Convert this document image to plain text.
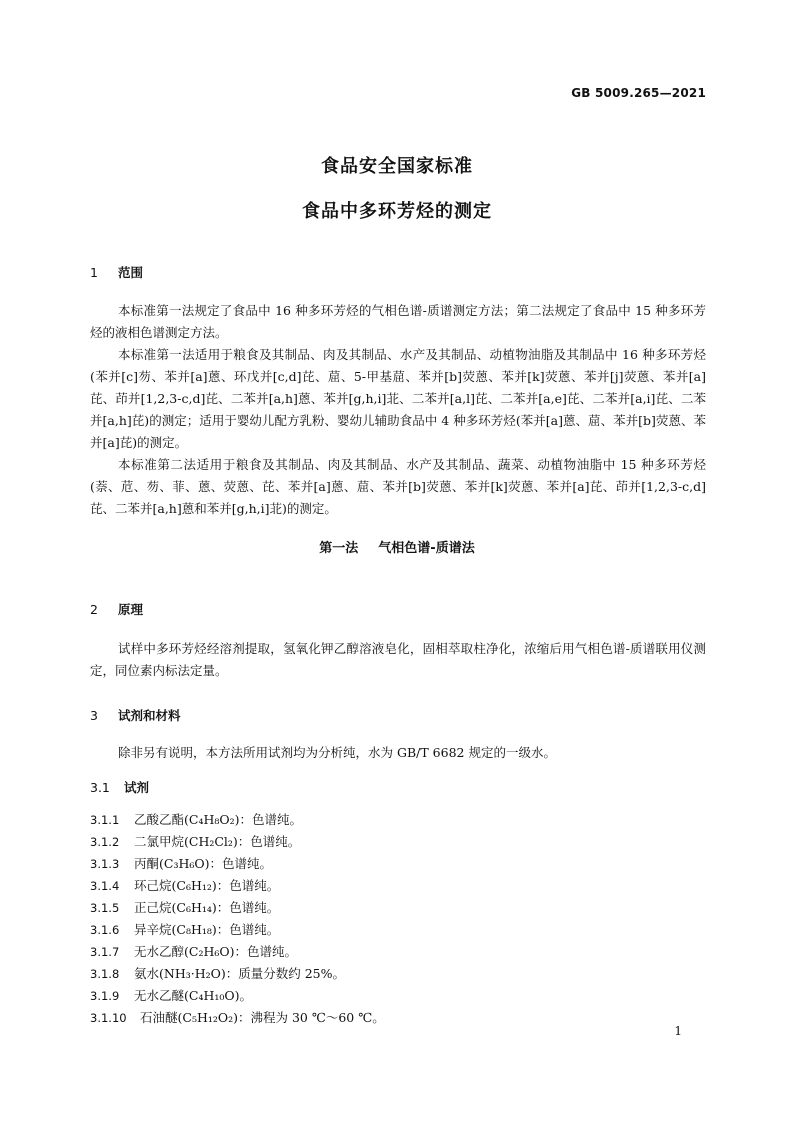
GB 5009.265—2021
食品安全国家标准
食品中多环芳烃的测定
1 范围

本标准第一法规定了食品中 16 种多环芳烃的气相色谱-质谱测定方法；第二法规定了食品中 15 种多环芳烃的液相色谱测定方法。

本标准第一法适用于粮食及其制品、肉及其制品、水产及其制品、动植物油脂及其制品中 16 种多环芳烃(苯并[c]芴、苯并[a]蒽、环戊并[c,d]芘、䓛、5-甲基䓛、苯并[b]荧蒽、苯并[k]荧蒽、苯并[j]荧蒽、苯并[a]芘、茚并[1,2,3-c,d]芘、二苯并[a,h]蒽、苯并[g,h,i]苝、二苯并[a,l]芘、二苯并[a,e]芘、二苯并[a,i]芘、二苯并[a,h]芘)的测定；适用于婴幼儿配方乳粉、婴幼儿辅助食品中 4 种多环芳烃(苯并[a]蒽、䓛、苯并[b]荧蒽、苯并[a]芘)的测定。

本标准第二法适用于粮食及其制品、肉及其制品、水产及其制品、蔬菜、动植物油脂中 15 种多环芳烃(萘、苊、芴、菲、蒽、荧蒽、芘、苯并[a]蒽、䓛、苯并[b]荧蒽、苯并[k]荧蒽、苯并[a]芘、茚并[1,2,3-c,d]芘、二苯并[a,h]蒽和苯并[g,h,i]苝)的测定。

第一法 气相色谱-质谱法
2 原理

试样中多环芳烃经溶剂提取，氢氧化钾乙醇溶液皂化，固相萃取柱净化，浓缩后用气相色谱-质谱联用仪测定，同位素内标法定量。

3 试剂和材料

除非另有说明，本方法所用试剂均为分析纯，水为 GB/T 6682 规定的一级水。

3.1 试剂
3.1.1 乙酸乙酯(C₄H₈O₂)：色谱纯。
3.1.2 二氯甲烷(CH₂Cl₂)：色谱纯。
3.1.3 丙酮(C₃H₆O)：色谱纯。
3.1.4 环己烷(C₆H₁₂)：色谱纯。
3.1.5 正己烷(C₆H₁₄)：色谱纯。
3.1.6 异辛烷(C₈H₁₈)：色谱纯。
3.1.7 无水乙醇(C₂H₆O)：色谱纯。
3.1.8 氨水(NH₃·H₂O)：质量分数约 25%。
3.1.9 无水乙醚(C₄H₁₀O)。
3.1.10 石油醚(C₅H₁₂O₂)：沸程为 30 ℃～60 ℃。
1
